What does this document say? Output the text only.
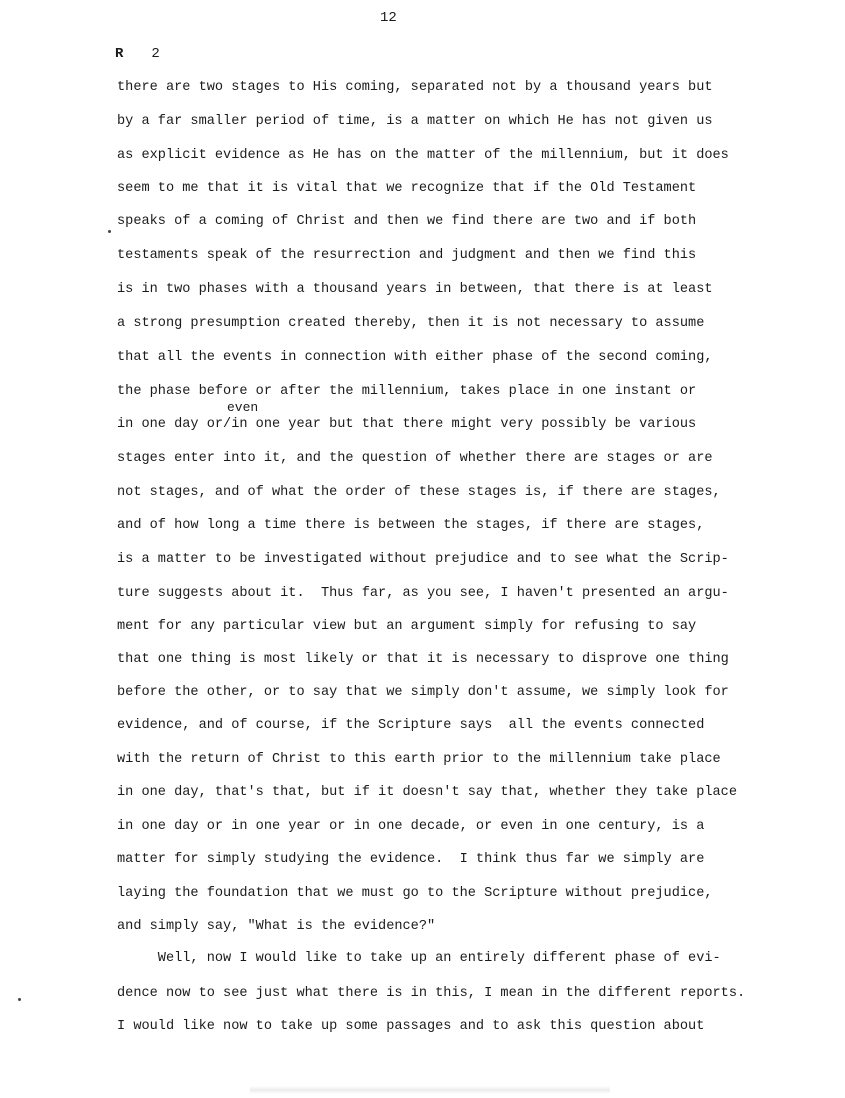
12
R 2
even
there are two stages to His coming, separated not by a thousand years but
by a far smaller period of time, is a matter on which He has not given us
as explicit evidence as He has on the matter of the millennium, but it does
seem to me that it is vital that we recognize that if the Old Testament
speaks of a coming of Christ and then we find there are two and if both
testaments speak of the resurrection and judgment and then we find this
is in two phases with a thousand years in between, that there is at least
a strong presumption created thereby, then it is not necessary to assume
that all the events in connection with either phase of the second coming,
the phase before or after the millennium, takes place in one instant or
in one day or/in one year but that there might very possibly be various
stages enter into it, and the question of whether there are stages or are
not stages, and of what the order of these stages is, if there are stages,
and of how long a time there is between the stages, if there are stages,
is a matter to be investigated without prejudice and to see what the Scrip-
ture suggests about it.  Thus far, as you see, I haven't presented an argu-
ment for any particular view but an argument simply for refusing to say
that one thing is most likely or that it is necessary to disprove one thing
before the other, or to say that we simply don't assume, we simply look for
evidence, and of course, if the Scripture says  all the events connected
with the return of Christ to this earth prior to the millennium take place
in one day, that's that, but if it doesn't say that, whether they take place
in one day or in one year or in one decade, or even in one century, is a
matter for simply studying the evidence.  I think thus far we simply are
laying the foundation that we must go to the Scripture without prejudice,
and simply say, "What is the evidence?"
Well, now I would like to take up an entirely different phase of evi-
dence now to see just what there is in this, I mean in the different reports.
I would like now to take up some passages and to ask this question about
